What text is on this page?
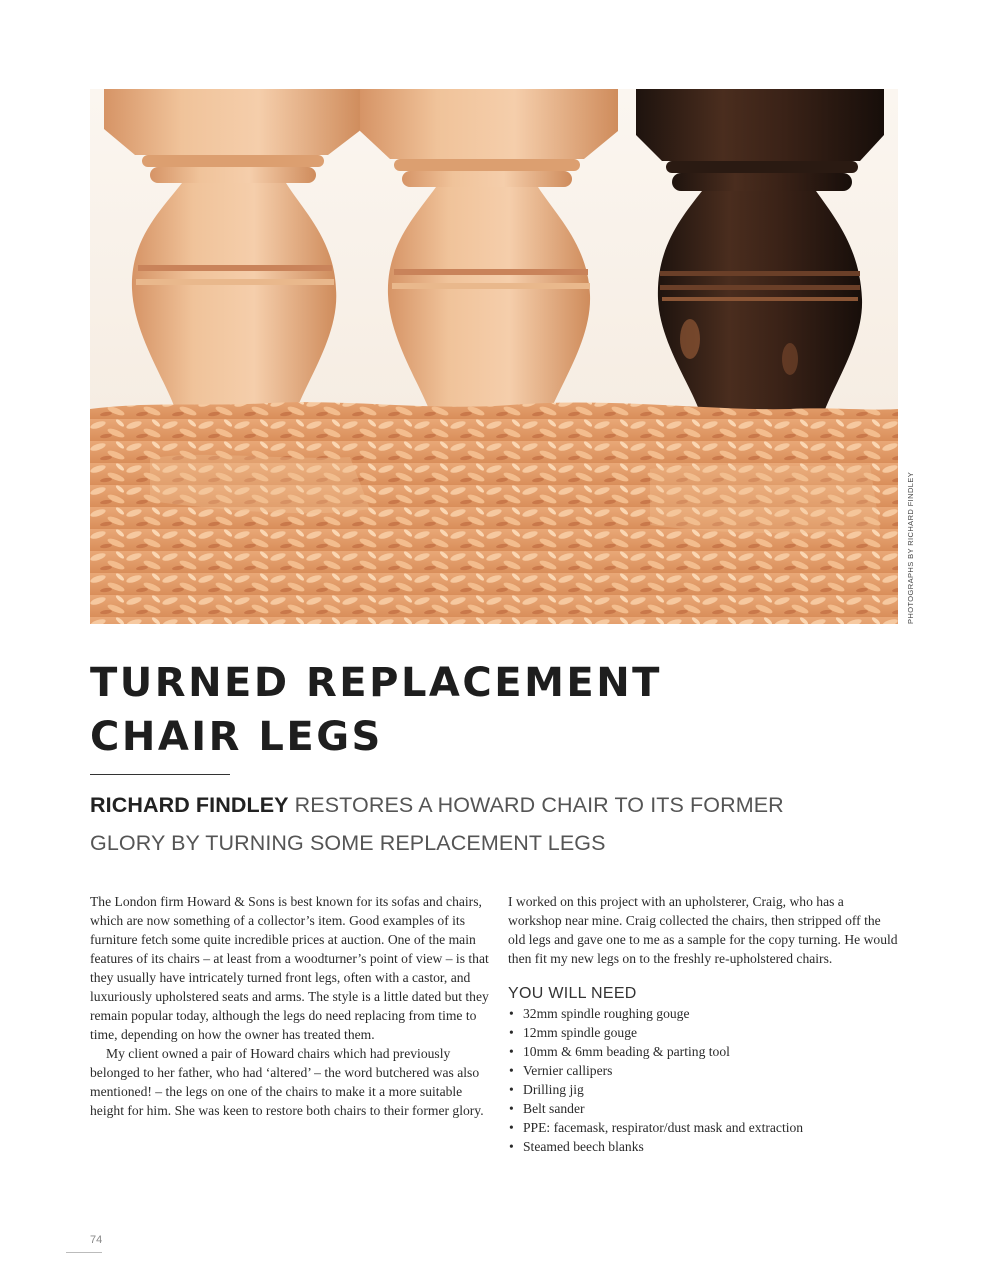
PHOTOGRAPHS BY RICHARD FINDLEY
TURNED REPLACEMENT
CHAIR LEGS

RICHARD FINDLEY RESTORES A HOWARD CHAIR TO ITS FORMER GLORY BY TURNING SOME REPLACEMENT LEGS

The London firm Howard & Sons is best known for its sofas and chairs, which are now something of a collector’s item. Good examples of its furniture fetch some quite incredible prices at auction. One of the main features of its chairs – at least from a woodturner’s point of view – is that they usually have intricately turned front legs, often with a castor, and luxuriously upholstered seats and arms. The style is a little dated but they remain popular today, although the legs do need replacing from time to time, depending on how the owner has treated them.

My client owned a pair of Howard chairs which had previously belonged to her father, who had ‘altered’ – the word butchered was also mentioned! – the legs on one of the chairs to make it a more suitable height for him. She was keen to restore both chairs to their former glory.

I worked on this project with an upholsterer, Craig, who has a workshop near mine. Craig collected the chairs, then stripped off the old legs and gave one to me as a sample for the copy turning. He would then fit my new legs on to the freshly re-upholstered chairs.

YOU WILL NEED
• 32mm spindle roughing gouge
• 12mm spindle gouge
• 10mm & 6mm beading & parting tool
• Vernier callipers
• Drilling jig
• Belt sander
• PPE: facemask, respirator/dust mask and extraction
• Steamed beech blanks
74
